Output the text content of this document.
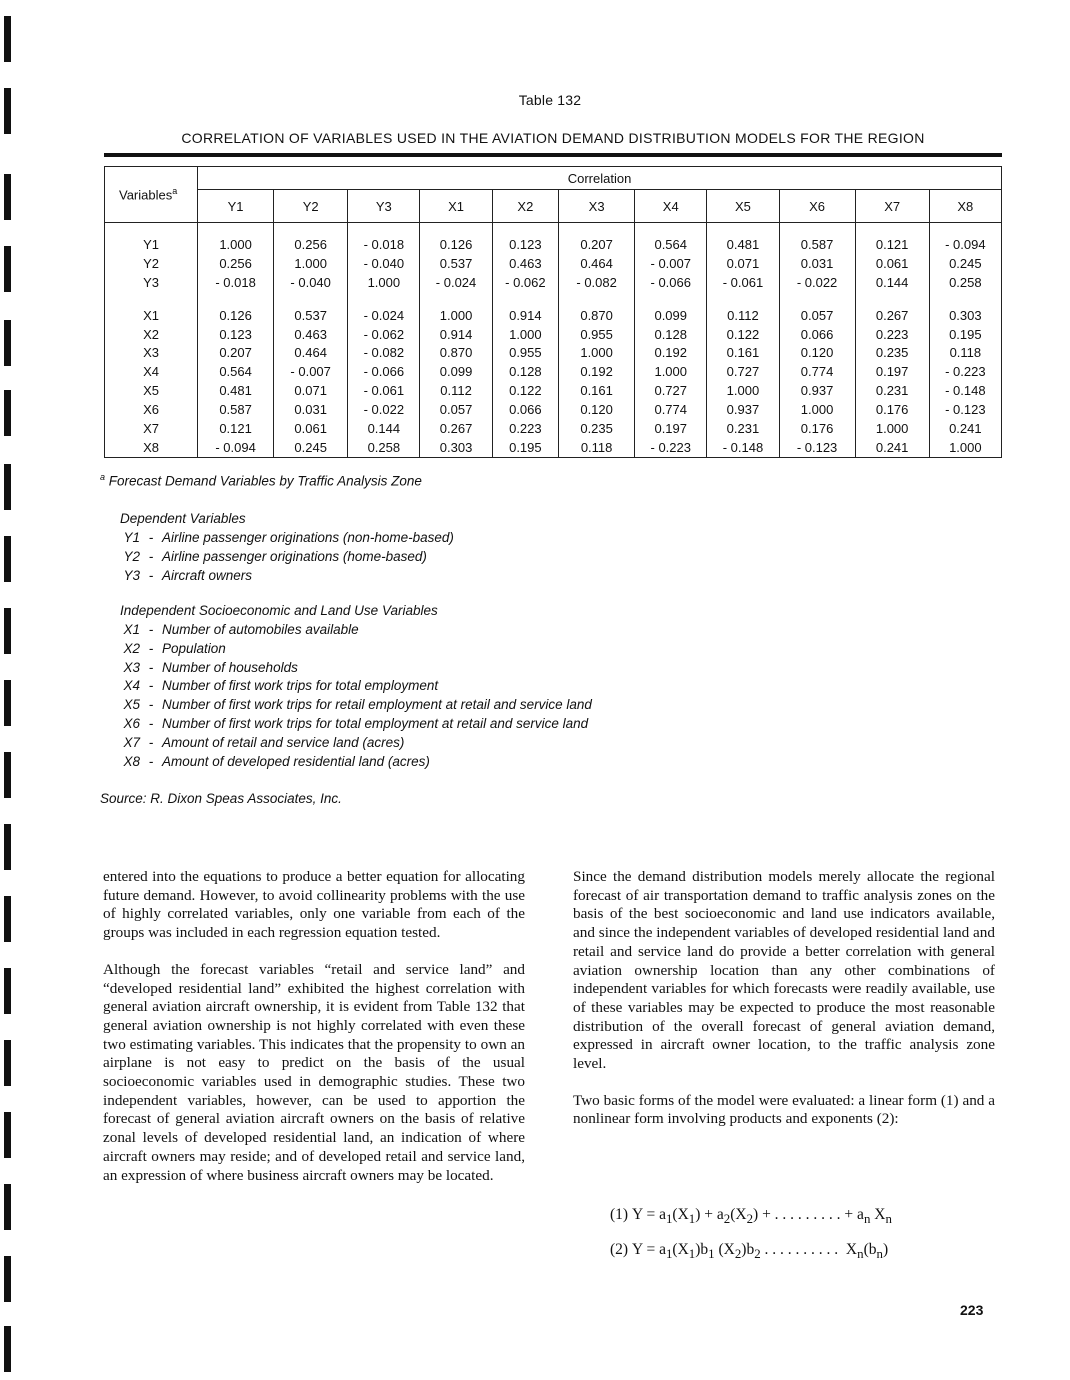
Table 132
CORRELATION OF VARIABLES USED IN THE AVIATION DEMAND DISTRIBUTION MODELS FOR THE REGION
Variables$^a$	Correlation										
	Y1	Y2	Y3	X1	X2	X3	X4	X5	X6	X7	X8

Y1	1.000	0.256	- 0.018	0.126	0.123	0.207	0.564	0.481	0.587	0.121	- 0.094
Y2	0.256	1.000	- 0.040	0.537	0.463	0.464	- 0.007	0.071	0.031	0.061	0.245
Y3	- 0.018	- 0.040	1.000	- 0.024	- 0.062	- 0.082	- 0.066	- 0.061	- 0.022	0.144	0.258

X1	0.126	0.537	- 0.024	1.000	0.914	0.870	0.099	0.112	0.057	0.267	0.303
X2	0.123	0.463	- 0.062	0.914	1.000	0.955	0.128	0.122	0.066	0.223	0.195
X3	0.207	0.464	- 0.082	0.870	0.955	1.000	0.192	0.161	0.120	0.235	0.118
X4	0.564	- 0.007	- 0.066	0.099	0.128	0.192	1.000	0.727	0.774	0.197	- 0.223
X5	0.481	0.071	- 0.061	0.112	0.122	0.161	0.727	1.000	0.937	0.231	- 0.148
X6	0.587	0.031	- 0.022	0.057	0.066	0.120	0.774	0.937	1.000	0.176	- 0.123
X7	0.121	0.061	0.144	0.267	0.223	0.235	0.197	0.231	0.176	1.000	0.241
X8	- 0.094	0.245	0.258	0.303	0.195	0.118	- 0.223	- 0.148	- 0.123	0.241	1.000
$^a$ Forecast Demand Variables by Traffic Analysis Zone
Dependent Variables
Y1 - Airline passenger originations (non-home-based)
Y2 - Airline passenger originations (home-based)
Y3 - Aircraft owners
Independent Socioeconomic and Land Use Variables
X1 - Number of automobiles available
X2 - Population
X3 - Number of households
X4 - Number of first work trips for total employment
X5 - Number of first work trips for retail employment at retail and service land
X6 - Number of first work trips for total employment at retail and service land
X7 - Amount of retail and service land (acres)
X8 - Amount of developed residential land (acres)
Source: R. Dixon Speas Associates, Inc.

entered into the equations to produce a better equation for allocating future demand. However, to avoid collinearity problems with the use of highly correlated variables, only one variable from each of the groups was included in each regression equation tested.

Although the forecast variables “retail and service land” and “developed residential land” exhibited the highest correlation with general aviation aircraft ownership, it is evident from Table 132 that general aviation ownership is not highly correlated with even these two estimating variables. This indicates that the propensity to own an airplane is not easy to predict on the basis of the usual socioeconomic variables used in demographic studies. These two independent variables, however, can be used to apportion the forecast of general aviation aircraft owners on the basis of relative zonal levels of developed residential land, an indication of where aircraft owners may reside; and of developed retail and service land, an expression of where business aircraft owners may be located.

Since the demand distribution models merely allocate the regional forecast of air transportation demand to traffic analysis zones on the basis of the best socioeconomic and land use indicators available, and since the independent variables of developed residential land and retail and service land do provide a better correlation with general aviation ownership location than any other combinations of independent variables for which forecasts were readily available, use of these variables may be expected to produce the most reasonable distribution of the overall forecast of general aviation demand, expressed in aircraft owner location, to the traffic analysis zone level.

Two basic forms of the model were evaluated: a linear form (1) and a nonlinear form involving products and exponents (2):

(1) $Y = a_1(X_1) + a_2(X_2)$ + . . . . . . . . . + $a_n$ $X_n$
(2) $Y = a_1(X_1)b_1$ $(X_2)b_2$ . . . . . . . . . .  $X_n(b_n)$
223
